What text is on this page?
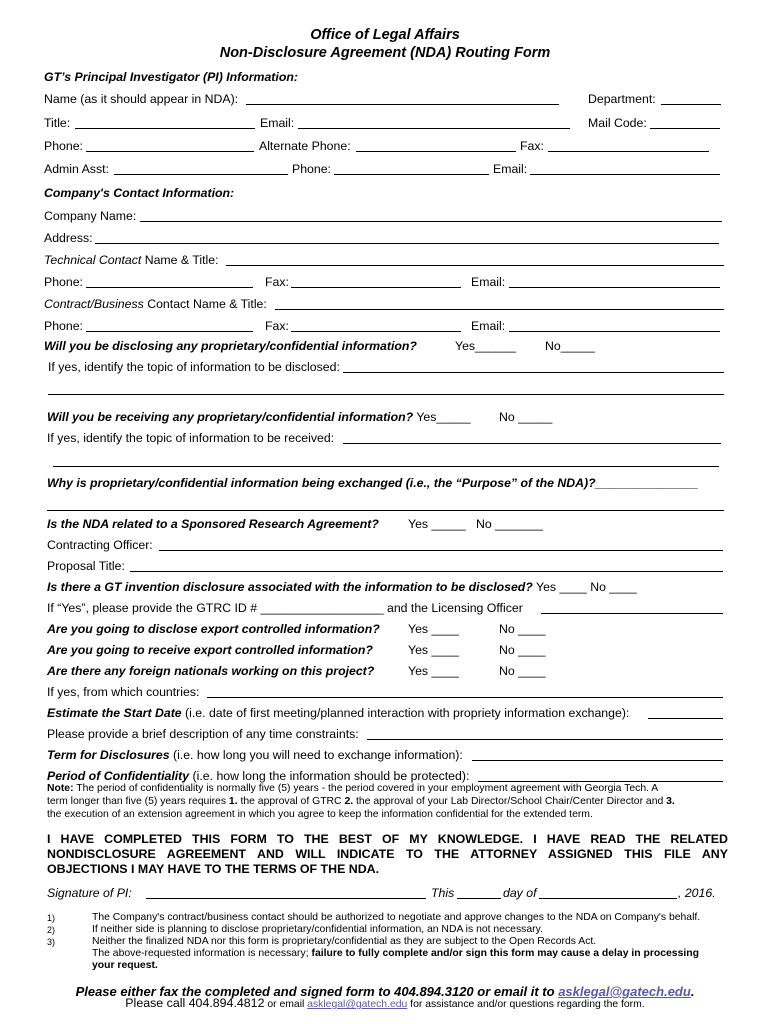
Office of Legal Affairs
Non-Disclosure Agreement (NDA) Routing Form
GT’s Principal Investigator (PI) Information:
Name (as it should appear in NDA):	Department:
Title:	Email:	Mail Code:
Phone:	Alternate Phone:	Fax:
Admin Asst:	Phone:	Email:
Company's Contact Information:
Company Name:
Address:
Technical Contact Name & Title:
Phone:	Fax:	Email:
Contract/Business Contact Name & Title:
Phone:	Fax:	Email:
Will you be disclosing any proprietary/confidential information?	Yes______ No_____
If yes, identify the topic of information to be disclosed:
Will you be receiving any proprietary/confidential information? Yes_____ No _____
If yes, identify the topic of information to be received:
Why is proprietary/confidential information being exchanged (i.e., the “Purpose” of the NDA)?_______________
Is the NDA related to a Sponsored Research Agreement? Yes _____ No _______
Contracting Officer:
Proposal Title:
Is there a GT invention disclosure associated with the information to be disclosed? Yes ____ No ____
If “Yes”, please provide the GTRC ID # __________________ and the Licensing Officer
Are you going to disclose export controlled information? Yes ____	No ____
Are you going to receive export controlled information?	Yes ____	No ____
Are there any foreign nationals working on this project?	Yes ____	No ____
If yes, from which countries:
Estimate the Start Date (i.e. date of first meeting/planned interaction with propriety information exchange):
Please provide a brief description of any time constraints:
Term for Disclosures (i.e. how long you will need to exchange information):
Period of Confidentiality (i.e. how long the information should be protected):
Note: The period of confidentiality is normally five (5) years - the period covered in your employment agreement with Georgia Tech. A
term longer than five (5) years requires 1. the approval of GTRC 2. the approval of your Lab Director/School Chair/Center Director and 3.
the execution of an extension agreement in which you agree to keep the information confidential for the extended term.
I HAVE COMPLETED THIS FORM TO THE BEST OF MY KNOWLEDGE. I HAVE READ THE RELATED
NONDISCLOSURE AGREEMENT AND WILL INDICATE TO THE ATTORNEY ASSIGNED THIS FILE ANY
OBJECTIONS I MAY HAVE TO THE TERMS OF THE NDA.
Signature of PI:	This	day of	, 2016.
1)	The Company's contract/business contact should be authorized to negotiate and approve changes to the NDA on Company's behalf.
2)	If neither side is planning to disclose proprietary/confidential information, an NDA is not necessary.
3)	Neither the finalized NDA nor this form is proprietary/confidential as they are subject to the Open Records Act.
The above-requested information is necessary; failure to fully complete and/or sign this form may cause a delay in processing
your request.
Please either fax the completed and signed form to 404.894.3120 or email it to asklegal@gatech.edu.
Please call 404.894.4812 or email asklegal@gatech.edu for assistance and/or questions regarding the form.
